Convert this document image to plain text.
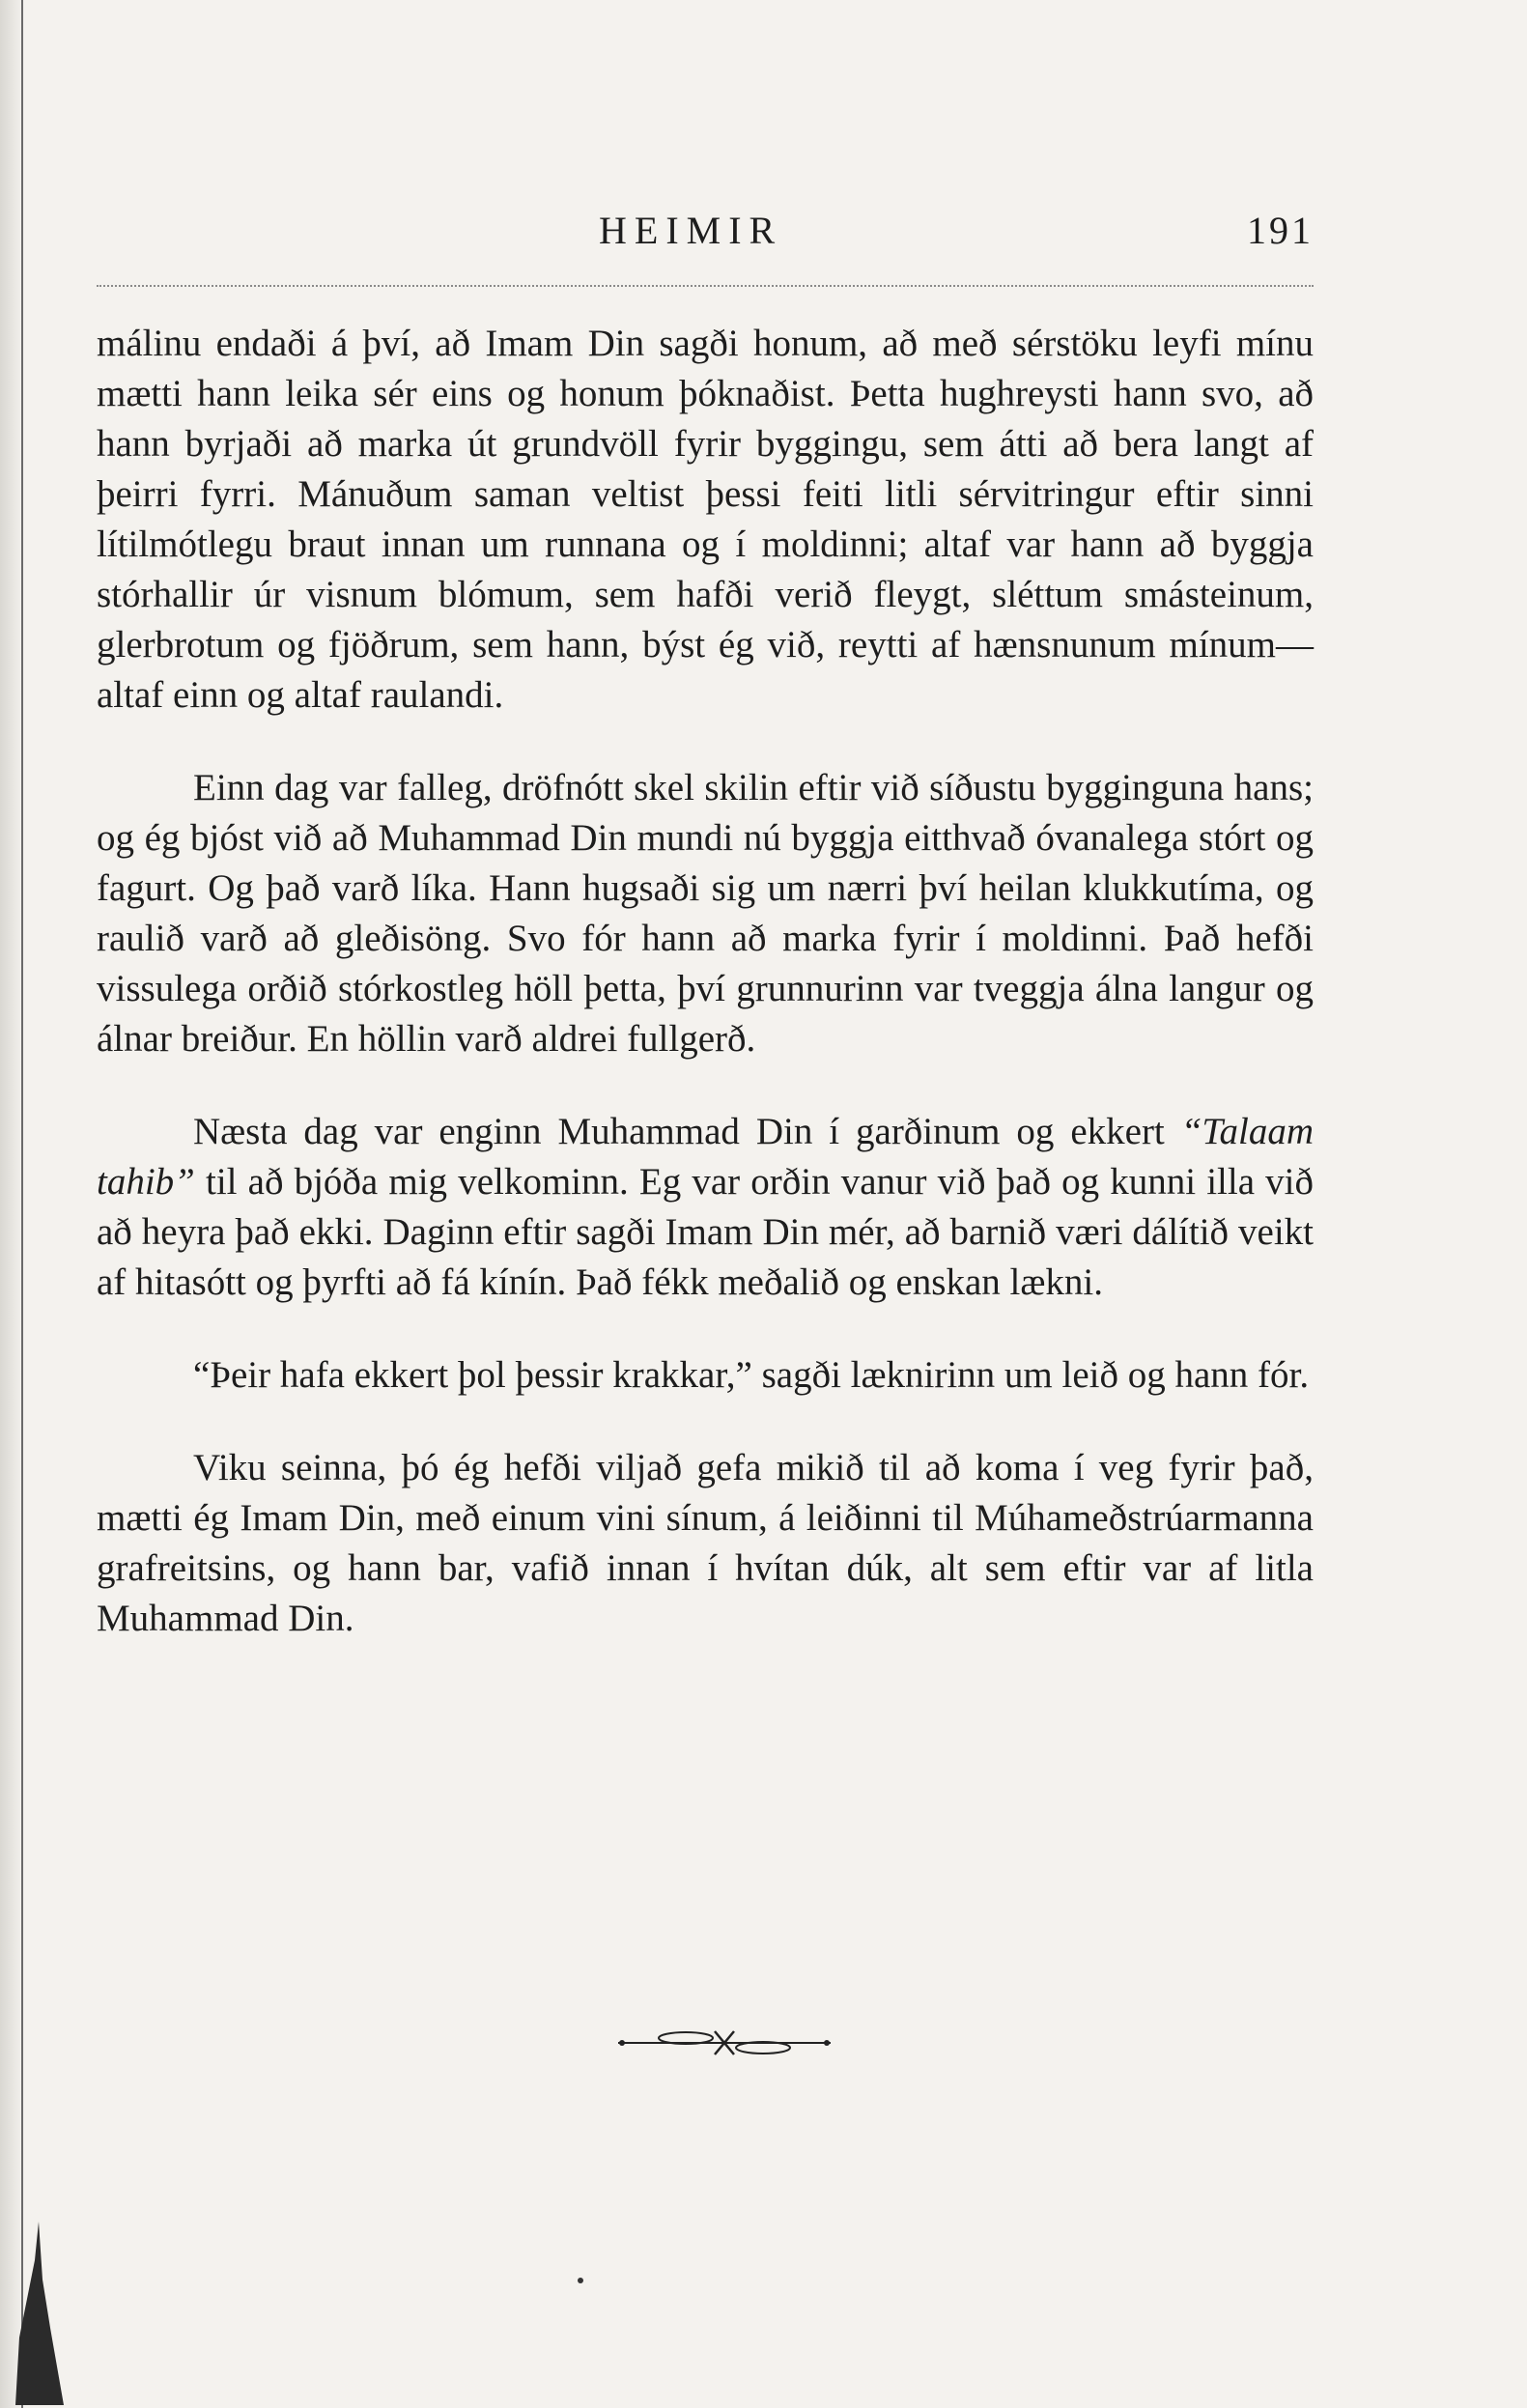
HEIMIR	191

málinu endaði á því, að Imam Din sagði honum, að með sérstöku leyfi mínu mætti hann leika sér eins og honum þóknaðist. Þetta hughreysti hann svo, að hann byrjaði að marka út grundvöll fyrir byggingu, sem átti að bera langt af þeirri fyrri. Mánuðum saman veltist þessi feiti litli sérvitringur eftir sinni lítilmótlegu braut innan um runnana og í moldinni; altaf var hann að byggja stórhallir úr visnum blómum, sem hafði verið fleygt, sléttum smásteinum, glerbrotum og fjöðrum, sem hann, býst ég við, reytti af hænsnunum mínum—altaf einn og altaf raulandi.

Einn dag var falleg, dröfnótt skel skilin eftir við síðustu bygginguna hans; og ég bjóst við að Muhammad Din mundi nú byggja eitthvað óvanalega stórt og fagurt. Og það varð líka. Hann hugsaði sig um nærri því heilan klukkutíma, og raulið varð að gleðisöng. Svo fór hann að marka fyrir í moldinni. Það hefði vissulega orðið stórkostleg höll þetta, því grunnurinn var tveggja álna langur og álnar breiður. En höllin varð aldrei fullgerð.

Næsta dag var enginn Muhammad Din í garðinum og ekkert “Talaam tahib” til að bjóða mig velkominn. Eg var orðin vanur við það og kunni illa við að heyra það ekki. Daginn eftir sagði Imam Din mér, að barnið væri dálítið veikt af hitasótt og þyrfti að fá kínín. Það fékk meðalið og enskan lækni.

“Þeir hafa ekkert þol þessir krakkar,” sagði læknirinn um leið og hann fór.

Viku seinna, þó ég hefði viljað gefa mikið til að koma í veg fyrir það, mætti ég Imam Din, með einum vini sínum, á leiðinni til Múhameðstrúarmanna grafreitsins, og hann bar, vafið innan í hvítan dúk, alt sem eftir var af litla Muhammad Din.
